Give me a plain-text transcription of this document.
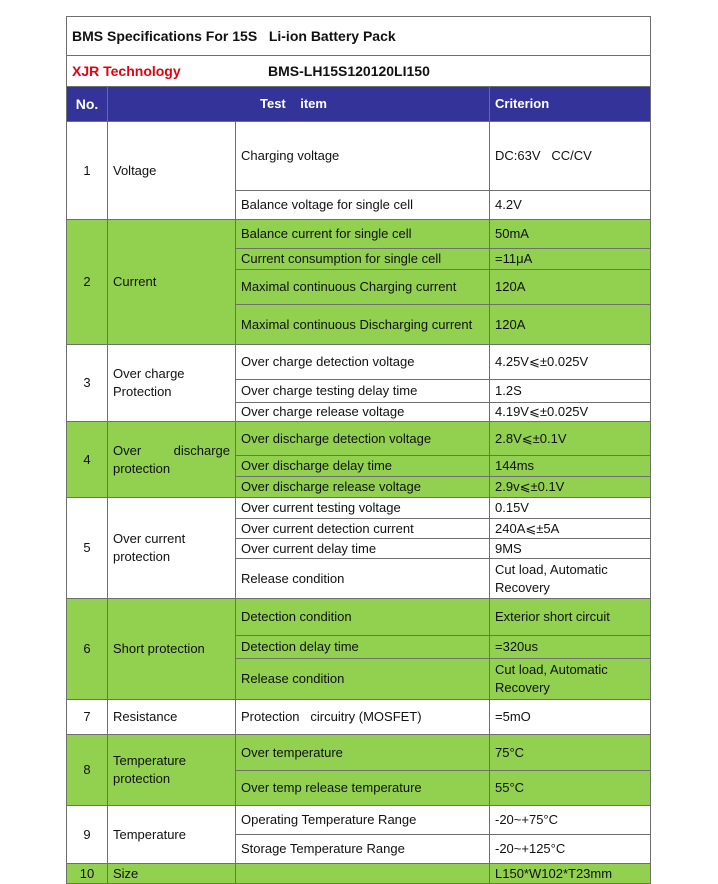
BMS Specifications For 15S   Li-ion Battery Pack			
XJR Technology BMS-LH15S120120LI150			
No.	Test    item		Criterion
1	Voltage	Charging voltage	DC:63V   CC/CV
		Balance voltage for single cell	4.2V
2	Current	Balance current for single cell	50mA
		Current consumption for single cell	=11μA
		Maximal continuous Charging current	120A
		Maximal continuous Discharging current	120A
3	Over charge Protection	Over charge detection voltage	4.25V⩽±0.025V
		Over charge testing delay time	1.2S
		Over charge release voltage	4.19V⩽±0.025V
4	Over discharge protection	Over discharge detection voltage	2.8V⩽±0.1V
		Over discharge delay time	144ms
		Over discharge release voltage	2.9v⩽±0.1V
5	Over current protection	Over current testing voltage	0.15V
		Over current detection current	240A⩽±5A
		Over current delay time	9MS
		Release condition	Cut load, Automatic Recovery
6	Short protection	Detection condition	Exterior short circuit
		Detection delay time	=320us
		Release condition	Cut load, Automatic Recovery
7	Resistance	Protection   circuitry (MOSFET)	=5mO
8	Temperature protection	Over temperature	75°C
		Over temp release temperature	55°C
9	Temperature	Operating Temperature Range	-20~+75°C
		Storage Temperature Range	-20~+125°C
10	Size		L150*W102*T23mm
